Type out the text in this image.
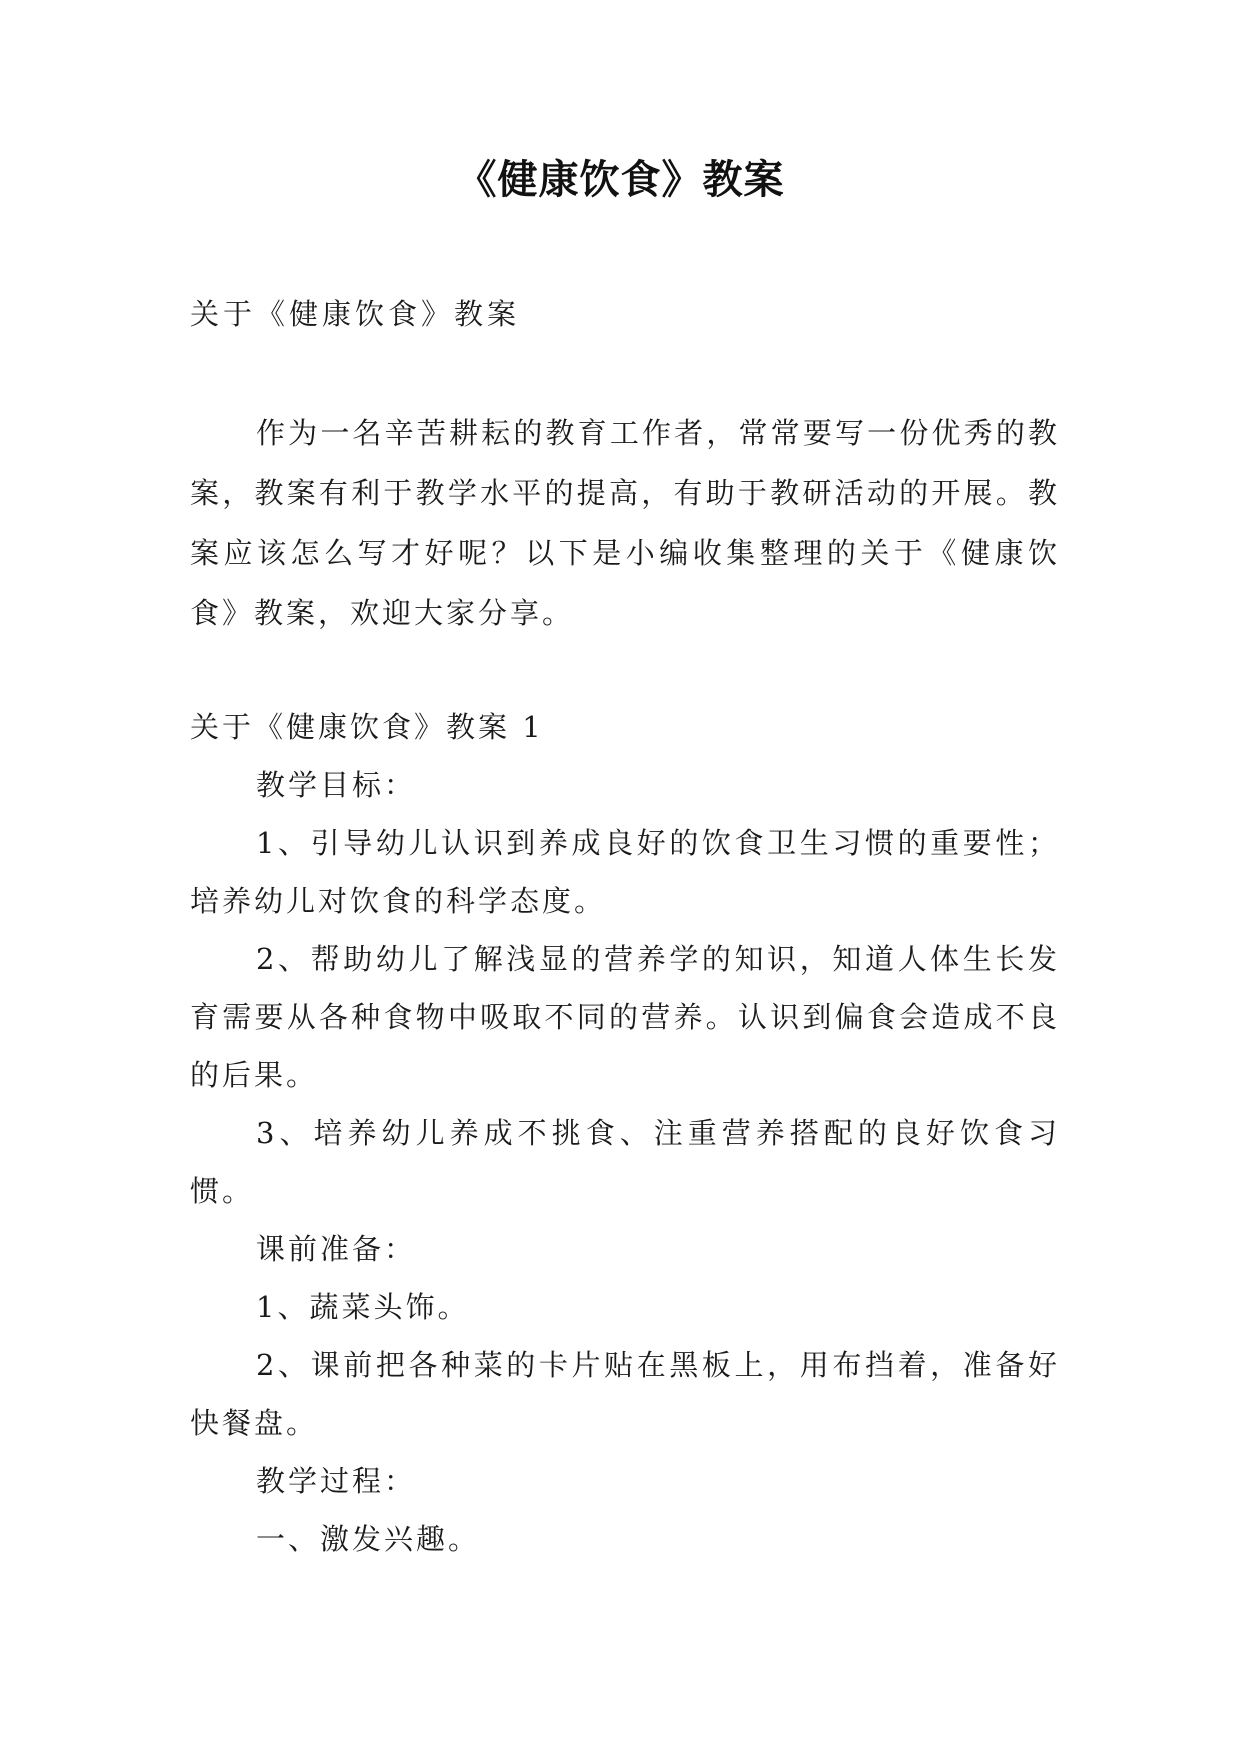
《健康饮食》教案

关于《健康饮食》教案

作为一名辛苦耕耘的教育工作者，常常要写一份优秀的教案，教案有利于教学水平的提高，有助于教研活动的开展。教案应该怎么写才好呢？以下是小编收集整理的关于《健康饮食》教案，欢迎大家分享。

关于《健康饮食》教案 1

教学目标：

1、引导幼儿认识到养成良好的饮食卫生习惯的重要性；培养幼儿对饮食的科学态度。

2、帮助幼儿了解浅显的营养学的知识，知道人体生长发育需要从各种食物中吸取不同的营养。认识到偏食会造成不良的后果。

3、培养幼儿养成不挑食、注重营养搭配的良好饮食习惯。

课前准备：

1、蔬菜头饰。

2、课前把各种菜的卡片贴在黑板上，用布挡着，准备好快餐盘。

教学过程：

一、激发兴趣。
